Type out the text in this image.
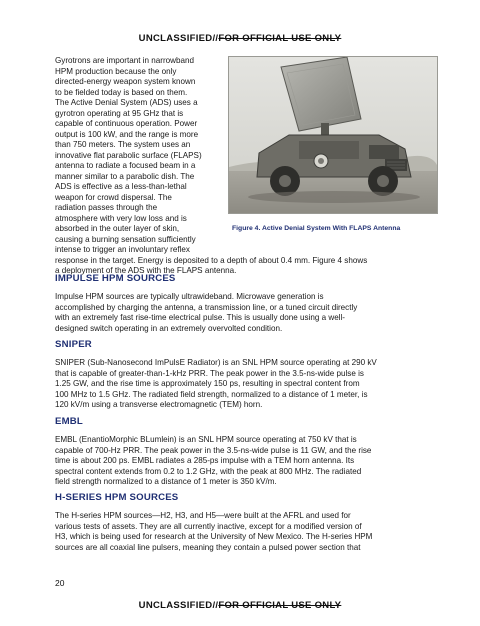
UNCLASSIFIED//FOR OFFICIAL USE ONLY
Gyrotrons are important in narrowband
HPM production because the only
directed-energy weapon system known
to be fielded today is based on them.
The Active Denial System (ADS) uses a
gyrotron operating at 95 GHz that is
capable of continuous operation. Power
output is 100 kW, and the range is more
than 750 meters. The system uses an
innovative flat parabolic surface (FLAPS)
antenna to radiate a focused beam in a
manner similar to a parabolic dish. The
ADS is effective as a less-than-lethal
weapon for crowd dispersal. The
radiation passes through the
atmosphere with very low loss and is
absorbed in the outer layer of skin,
causing a burning sensation sufficiently
intense to trigger an involuntary reflex
response in the target. Energy is deposited to a depth of about 0.4 mm. Figure 4 shows
a deployment of the ADS with the FLAPS antenna.
Figure 4. Active Denial System With FLAPS Antenna
IMPULSE HPM SOURCES
Impulse HPM sources are typically ultrawideband. Microwave generation is
accomplished by charging the antenna, a transmission line, or a tuned circuit directly
with an extremely fast rise-time electrical pulse. This is usually done using a well-
designed switch operating in an extremely overvolted condition.
SNIPER
SNIPER (Sub-Nanosecond ImPulsE Radiator) is an SNL HPM source operating at 290 kV
that is capable of greater-than-1-kHz PRR. The peak power in the 3.5-ns-wide pulse is
1.25 GW, and the rise time is approximately 150 ps, resulting in spectral content from
100 MHz to 1.5 GHz. The radiated field strength, normalized to a distance of 1 meter, is
120 kV/m using a transverse electromagnetic (TEM) horn.
EMBL
EMBL (EnantioMorphic BLumlein) is an SNL HPM source operating at 750 kV that is
capable of 700-Hz PRR. The peak power in the 3.5-ns-wide pulse is 11 GW, and the rise
time is about 200 ps. EMBL radiates a 285-ps impulse with a TEM horn antenna. Its
spectral content extends from 0.2 to 1.2 GHz, with the peak at 800 MHz. The radiated
field strength normalized to a distance of 1 meter is 350 kV/m.
H-SERIES HPM SOURCES
The H-series HPM sources—H2, H3, and H5—were built at the AFRL and used for
various tests of assets. They are all currently inactive, except for a modified version of
H3, which is being used for research at the University of New Mexico. The H-series HPM
sources are all coaxial line pulsers, meaning they contain a pulsed power section that
20
UNCLASSIFIED//FOR OFFICIAL USE ONLY
